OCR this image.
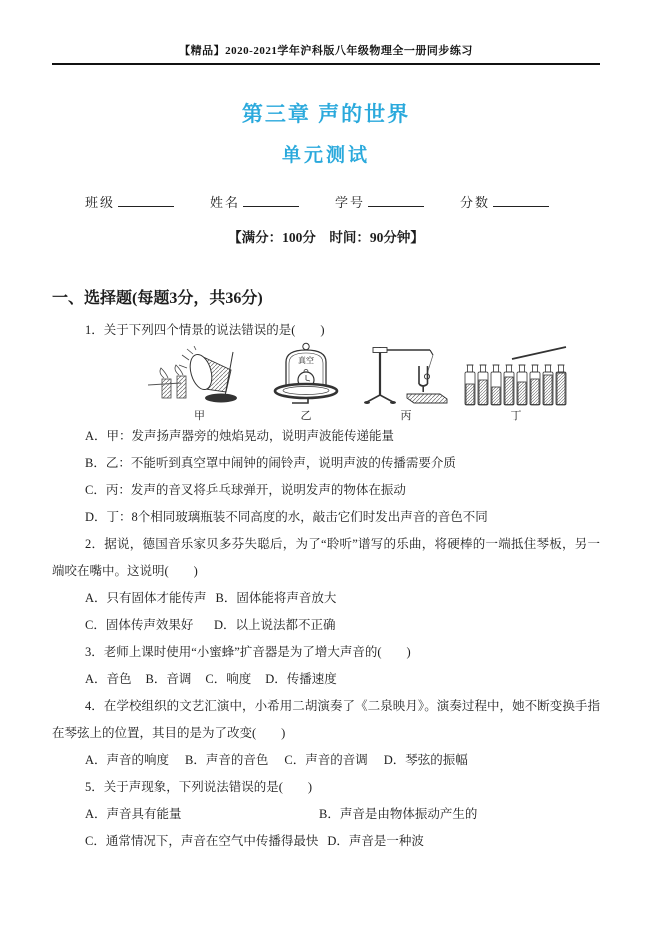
【精品】2020-2021学年沪科版八年级物理全一册同步练习
第三章 声的世界
单元测试
班级	姓名	学号	分数
【满分：100分　时间：90分钟】
一、选择题(每题3分，共36分)

1．关于下列四个情景的说法错误的是(　　)

甲
真空
乙	丙	丁

A．甲：发声扬声器旁的烛焰晃动，说明声波能传递能量

B．乙：不能听到真空罩中闹钟的闹铃声，说明声波的传播需要介质

C．丙：发声的音叉将乒乓球弹开，说明发声的物体在振动

D．丁：8个相同玻璃瓶装不同高度的水，敲击它们时发出声音的音色不同

2．据说，德国音乐家贝多芬失聪后，为了“聆听”谱写的乐曲，将硬棒的一端抵住琴板，另一端咬在嘴中。这说明(　　)

A．只有固体才能传声 B．固体能将声音放大

C．固体传声效果好	D．以上说法都不正确

3．老师上课时使用“小蜜蜂”扩音器是为了增大声音的(　　)

A．音色 B．音调 C．响度 D．传播速度

4．在学校组织的文艺汇演中，小希用二胡演奏了《二泉映月》。演奏过程中，她不断变换手指在琴弦上的位置，其目的是为了改变(　　)

A．声音的响度 B．声音的音色 C．声音的音调 D．琴弦的振幅

5．关于声现象，下列说法错误的是(　　)

A．声音具有能量	B．声音是由物体振动产生的

C．通常情况下，声音在空气中传播得最快 D．声音是一种波
